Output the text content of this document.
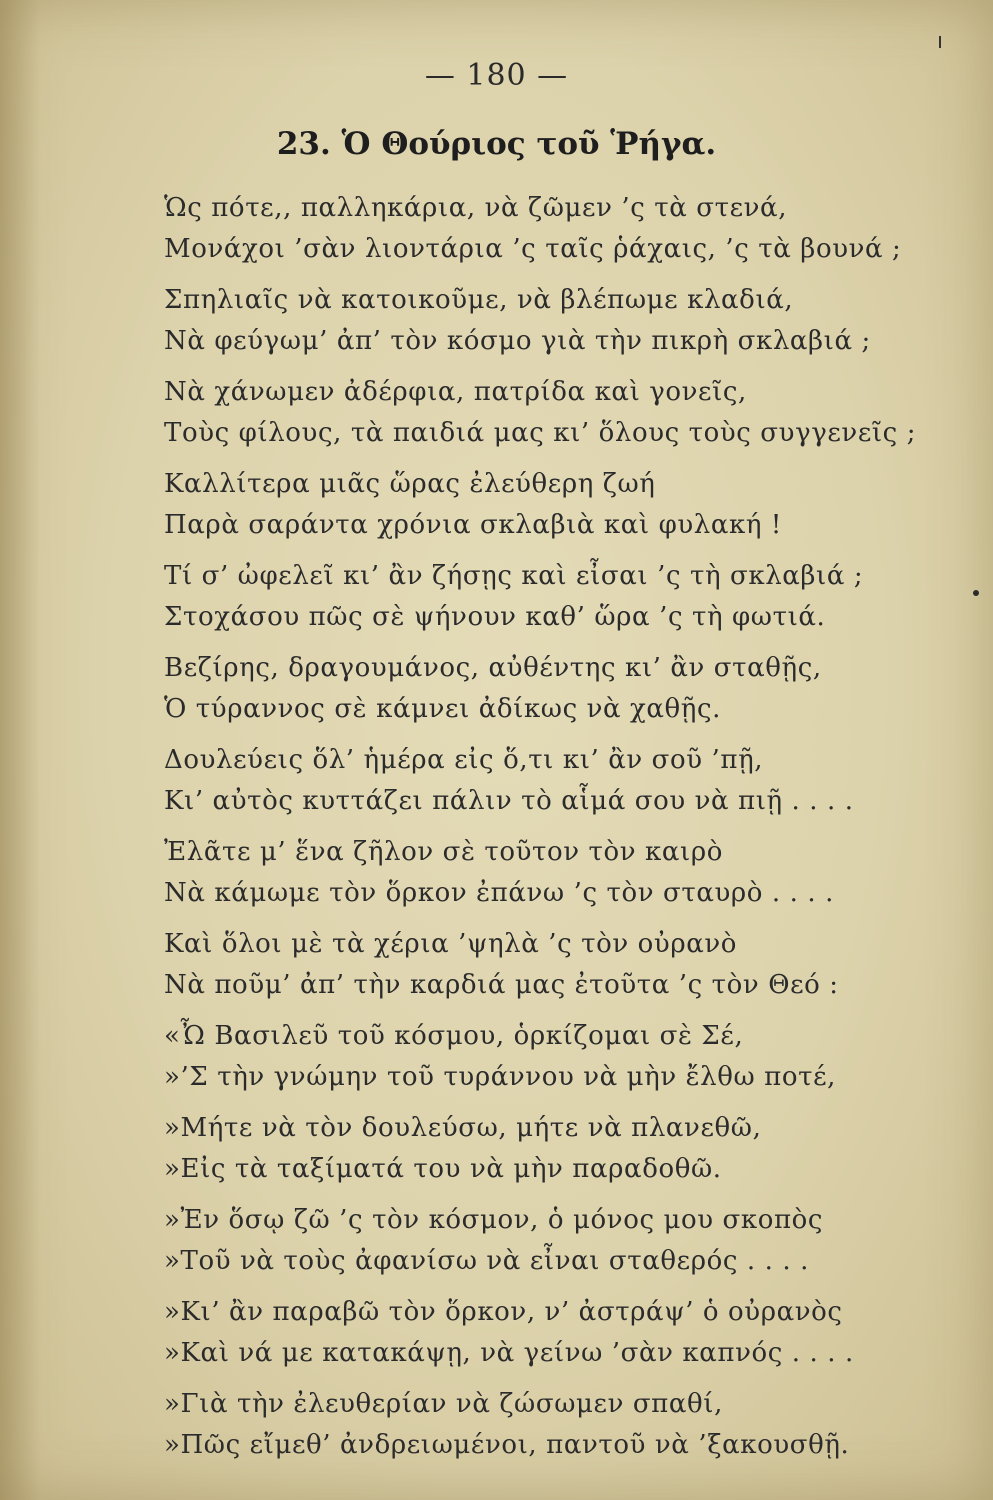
— 180 —
23. Ὁ Θούριος τοῦ Ῥήγα.
Ὡς πότε,, παλληκάρια, νὰ ζῶμεν ’ς τὰ στενά,
Μονάχοι ’σὰν λιοντάρια ’ς ταῖς ῥάχαις, ’ς τὰ βουνά ;
Σπηλιαῖς νὰ κατοικοῦμε, νὰ βλέπωμε κλαδιά,
Νὰ φεύγωμ’ ἀπ’ τὸν κόσμο γιὰ τὴν πικρὴ σκλαβιά ;
Νὰ χάνωμεν ἀδέρφια, πατρίδα καὶ γονεῖς,
Τοὺς φίλους, τὰ παιδιά μας κι’ ὅλους τοὺς συγγενεῖς ;
Καλλίτερα μιᾶς ὥρας ἐλεύθερη ζωή
Παρὰ σαράντα χρόνια σκλαβιὰ καὶ φυλακή !
Τί σ’ ὠφελεῖ κι’ ἂν ζήσῃς καὶ εἶσαι ’ς τὴ σκλαβιά ;
Στοχάσου πῶς σὲ ψήνουν καθ’ ὥρα ’ς τὴ φωτιά.
Βεζίρης, δραγουμάνος, αὐθέντης κι’ ἂν σταθῇς,
Ὁ τύραννος σὲ κάμνει ἀδίκως νὰ χαθῇς.
Δουλεύεις ὅλ’ ἡμέρα εἰς ὅ,τι κι’ ἂν σοῦ ’πῇ,
Κι’ αὐτὸς κυττάζει πάλιν τὸ αἷμά σου νὰ πιῇ . . . .
Ἐλᾶτε μ’ ἕνα ζῆλον σὲ τοῦτον τὸν καιρὸ
Νὰ κάμωμε τὸν ὅρκον ἐπάνω ’ς τὸν σταυρὸ . . . .
Καὶ ὅλοι μὲ τὰ χέρια ’ψηλὰ ’ς τὸν οὐρανὸ
Νὰ ποῦμ’ ἀπ’ τὴν καρδιά μας ἐτοῦτα ’ς τὸν Θεό :
«Ὦ Βασιλεῦ τοῦ κόσμου, ὁρκίζομαι σὲ Σέ,
»’Σ τὴν γνώμην τοῦ τυράννου νὰ μὴν ἔλθω ποτέ,
»Μήτε νὰ τὸν δουλεύσω, μήτε νὰ πλανεθῶ,
»Εἰς τὰ ταξίματά του νὰ μὴν παραδοθῶ.
»Ἐν ὅσῳ ζῶ ’ς τὸν κόσμον, ὁ μόνος μου σκοπὸς
»Τοῦ νὰ τοὺς ἀφανίσω νὰ εἶναι σταθερός . . . .
»Κι’ ἂν παραβῶ τὸν ὅρκον, ν’ ἀστράψ’ ὁ οὐρανὸς
»Καὶ νά με κατακάψῃ, νὰ γείνω ’σὰν καπνός . . . .
»Γιὰ τὴν ἐλευθερίαν νὰ ζώσωμεν σπαθί,
»Πῶς εἴμεθ’ ἀνδρειωμένοι, παντοῦ νὰ ’ξακουσθῇ.
